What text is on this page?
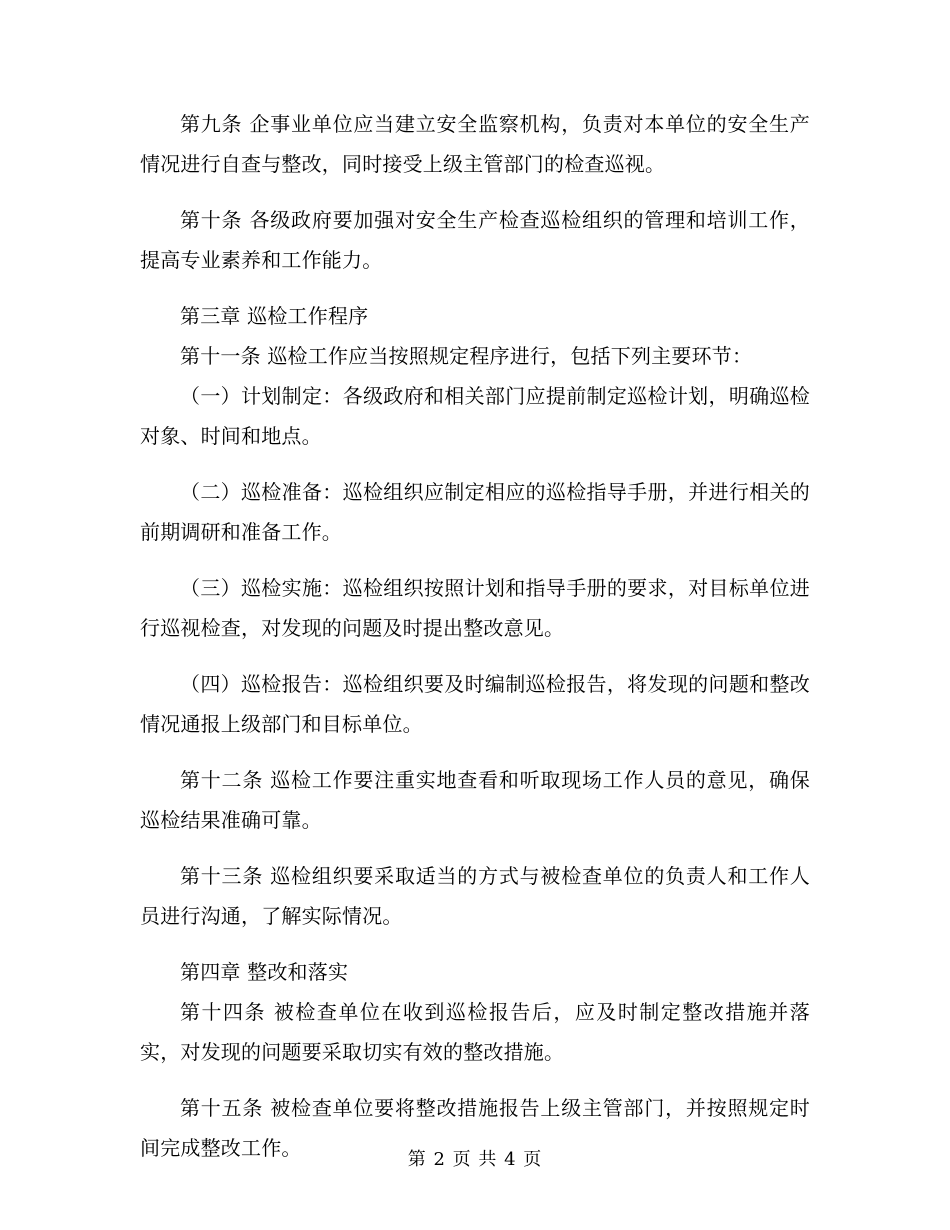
第九条 企事业单位应当建立安全监察机构，负责对本单位的安全生产情况进行自查与整改，同时接受上级主管部门的检查巡视。

第十条 各级政府要加强对安全生产检查巡检组织的管理和培训工作，提高专业素养和工作能力。

第三章 巡检工作程序

第十一条 巡检工作应当按照规定程序进行，包括下列主要环节：

（一）计划制定：各级政府和相关部门应提前制定巡检计划，明确巡检对象、时间和地点。

（二）巡检准备：巡检组织应制定相应的巡检指导手册，并进行相关的前期调研和准备工作。

（三）巡检实施：巡检组织按照计划和指导手册的要求，对目标单位进行巡视检查，对发现的问题及时提出整改意见。

（四）巡检报告：巡检组织要及时编制巡检报告，将发现的问题和整改情况通报上级部门和目标单位。

第十二条 巡检工作要注重实地查看和听取现场工作人员的意见，确保巡检结果准确可靠。

第十三条 巡检组织要采取适当的方式与被检查单位的负责人和工作人员进行沟通，了解实际情况。

第四章 整改和落实

第十四条 被检查单位在收到巡检报告后，应及时制定整改措施并落实，对发现的问题要采取切实有效的整改措施。

第十五条 被检查单位要将整改措施报告上级主管部门，并按照规定时间完成整改工作。	第 2 页 共 4 页
